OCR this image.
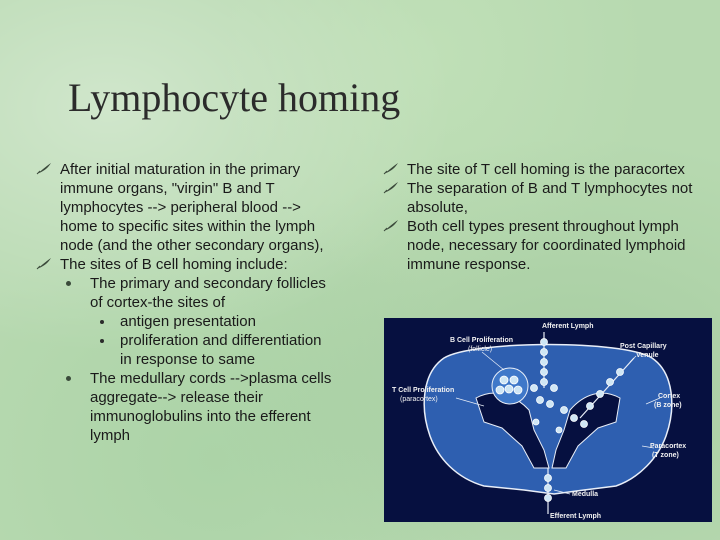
Lymphocyte homing

After initial maturation in the primary immune organs, "virgin" B and T lymphocytes --> peripheral blood --> home to specific sites within the lymph node (and the other secondary organs),

The sites of B cell homing include:

The primary and secondary follicles of cortex-the sites of

antigen presentation

proliferation and differentiation in response to same

The medullary cords -->plasma cells aggregate--> release their immunoglobulins into the efferent lymph

The site of T cell homing is the paracortex

The separation of B and T lymphocytes not absolute,

Both cell types present throughout lymph node, necessary for coordinated lymphoid immune response.

Afferent Lymph
B Cell Proliferation
(follicle)	Post Capillary
Venule
T Cell Proliferation
(paracortex)	Cortex
(B zone)
Paracortex
(T zone)
Medulla
Efferent Lymph
